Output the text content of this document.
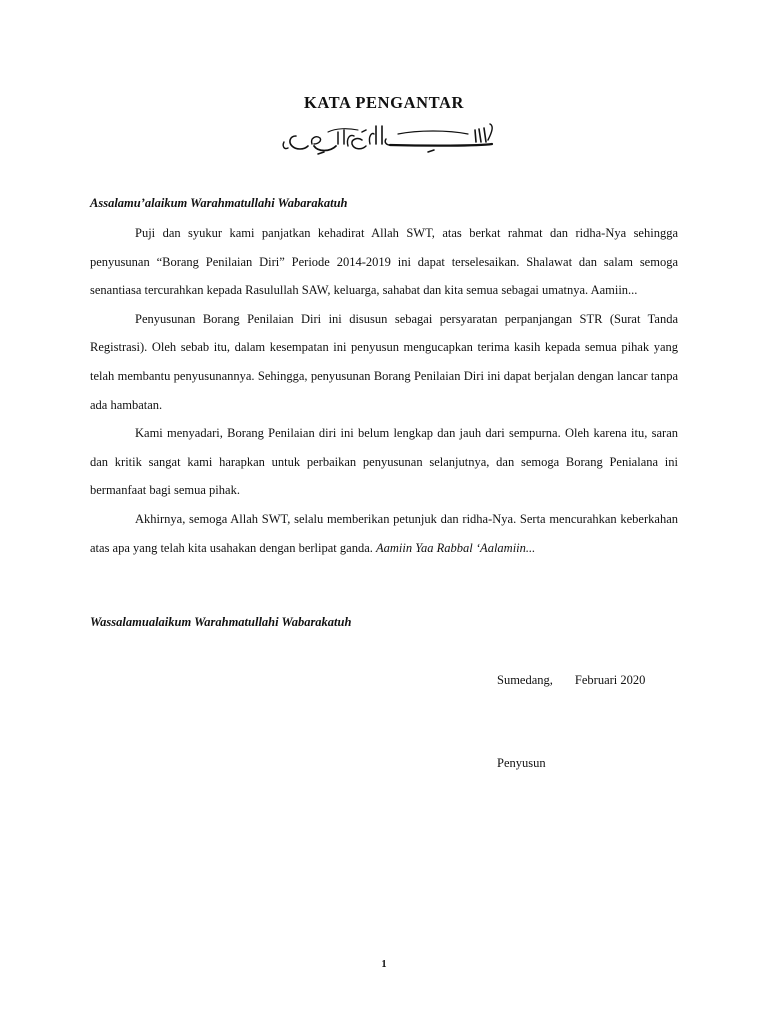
KATA PENGANTAR
Assalamu’alaikum Warahmatullahi Wabarakatuh

Puji dan syukur kami panjatkan kehadirat Allah SWT, atas berkat rahmat dan ridha-Nya sehingga penyusunan “Borang Penilaian Diri” Periode 2014-2019 ini dapat terselesaikan. Shalawat dan salam semoga senantiasa tercurahkan kepada Rasulullah SAW, keluarga, sahabat dan kita semua sebagai umatnya. Aamiin...

Penyusunan Borang Penilaian Diri ini disusun sebagai persyaratan perpanjangan STR (Surat Tanda Registrasi). Oleh sebab itu, dalam kesempatan ini penyusun mengucapkan terima kasih kepada semua pihak yang telah membantu penyusunannya. Sehingga, penyusunan Borang Penilaian Diri ini dapat berjalan dengan lancar tanpa ada hambatan.

Kami menyadari, Borang Penilaian diri ini belum lengkap dan jauh dari sempurna. Oleh karena itu, saran dan kritik sangat kami harapkan untuk perbaikan penyusunan selanjutnya, dan semoga Borang Penialana ini bermanfaat bagi semua pihak.

Akhirnya, semoga Allah SWT, selalu memberikan petunjuk dan ridha-Nya. Serta mencurahkan keberkahan atas apa yang telah kita usahakan dengan berlipat ganda. Aamiin Yaa Rabbal ‘Aalamiin...

Wassalamualaikum Warahmatullahi Wabarakatuh
Sumedang, Februari 2020
Penyusun
1
